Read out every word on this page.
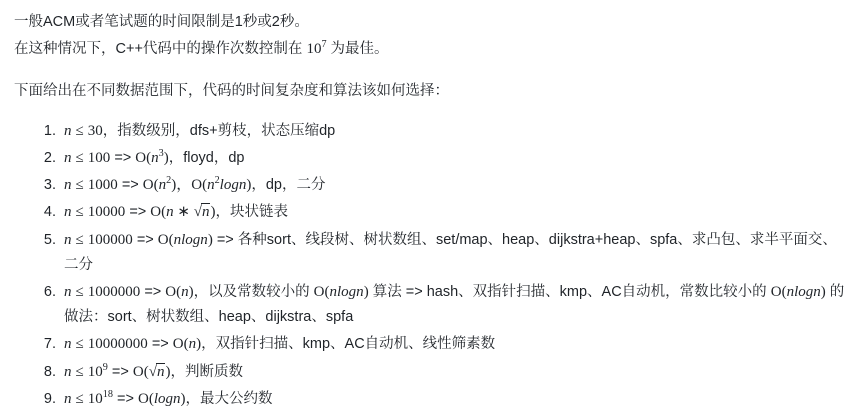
一般ACM或者笔试题的时间限制是1秒或2秒。

在这种情况下，C++代码中的操作次数控制在 $10^7$ 为最佳。

下面给出在不同数据范围下，代码的时间复杂度和算法该如何选择：

1. n ≤ 30，指数级别，dfs+剪枝，状态压缩dp
2. $n \le 100 => O(n^3)$，floyd，dp
3. $n \le 1000 => O(n^2)$，$O(n^2\log n)$，dp，二分
4. n ≤ 10000 => O(n ∗ √n)，块状链表
5. n ≤ 100000 => O(nlogn) => 各种sort、线段树、树状数组、set/map、heap、dijkstra+heap、spfa、求凸包、求半平面交、二分
6. n ≤ 1000000 => O(n)，以及常数较小的 O(nlogn) 算法 => hash、双指针扫描、kmp、AC自动机，常数比较小的 O(nlogn) 的做法：sort、树状数组、heap、dijkstra、spfa
7. n ≤ 10000000 => O(n)，双指针扫描、kmp、AC自动机、线性筛素数
8. $n \le 10^9 => O(√n)$，判断质数
9. $n \le 10^{18} => O(\log n)$，最大公约数
